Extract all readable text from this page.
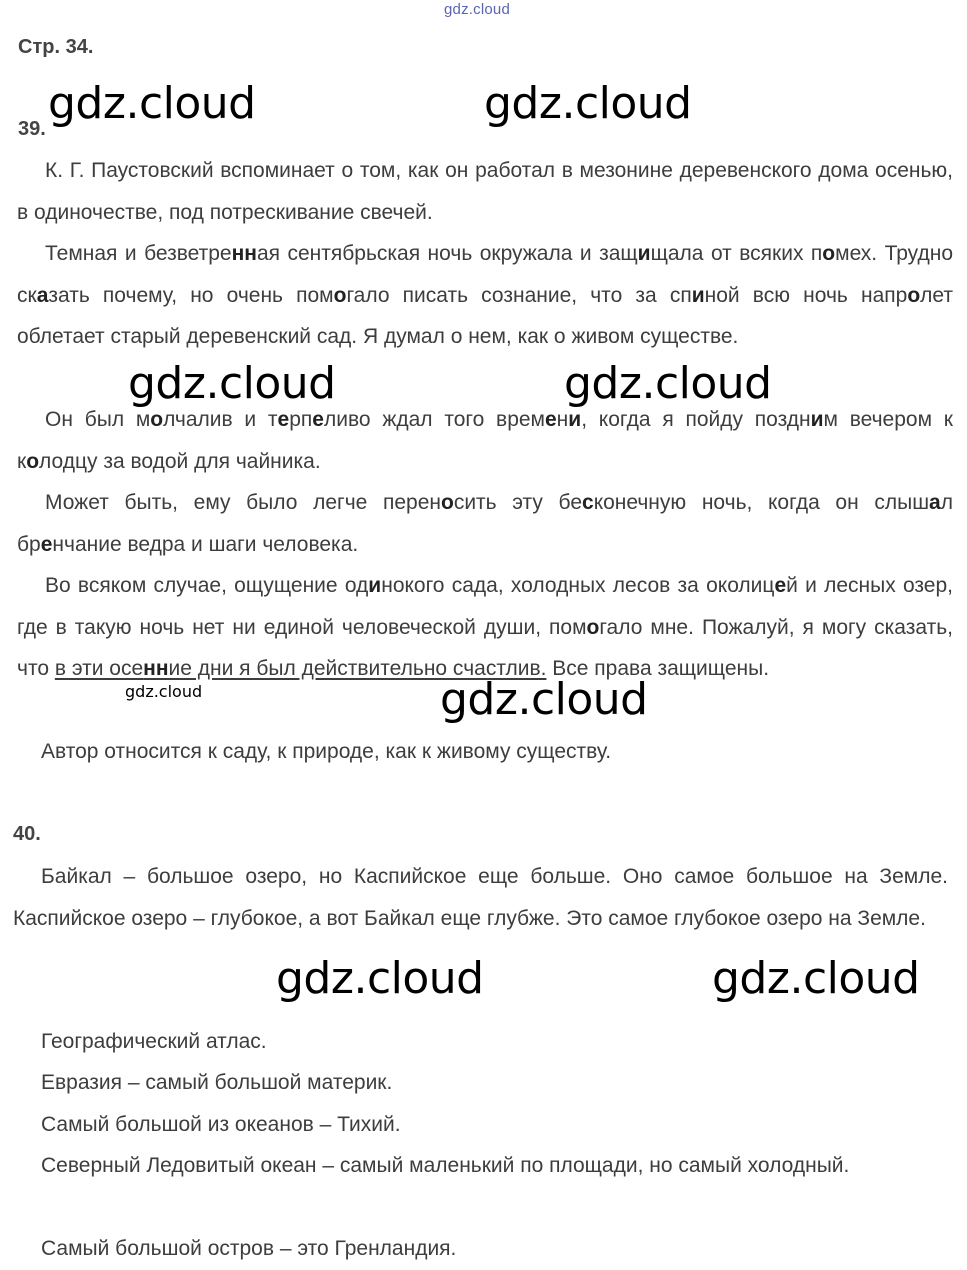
gdz.cloud
Стр. 34.
39.
К. Г. Паустовский вспоминает о том, как он работал в мезонине деревенского дома осенью, в одиночестве, под потрескивание свечей.
Темная и безветренная сентябрьская ночь окружала и защищала от всяких помех. Трудно сказать почему, но очень помогало писать сознание, что за спиной всю ночь напролет облетает старый деревенский сад. Я думал о нем, как о живом существе.
Он был молчалив и терпеливо ждал того времени, когда я пойду поздним вечером к колодцу за водой для чайника.
Может быть, ему было легче переносить эту бесконечную ночь, когда он слышал бренчание ведра и шаги человека.
Во всяком случае, ощущение одинокого сада, холодных лесов за околицей и лесных озер, где в такую ночь нет ни единой человеческой души, помогало мне. Пожалуй, я могу сказать, что в эти осенние дни я был действительно счастлив. Все права защищены.
Автор относится к саду, к природе, как к живому существу.
40.
Байкал – большое озеро, но Каспийское еще больше. Оно самое большое на Земле. Каспийское озеро – глубокое, а вот Байкал еще глубже. Это самое глубокое озеро на Земле.
Географический атлас.
Евразия – самый большой материк.
Самый большой из океанов – Тихий.
Северный Ледовитый океан – самый маленький по площади, но самый холодный.
Самый большой остров – это Гренландия.
gdz.cloud	gdz.cloud
gdz.cloud	gdz.cloud
gdz.cloud	gdz.cloud
gdz.cloud	gdz.cloud
